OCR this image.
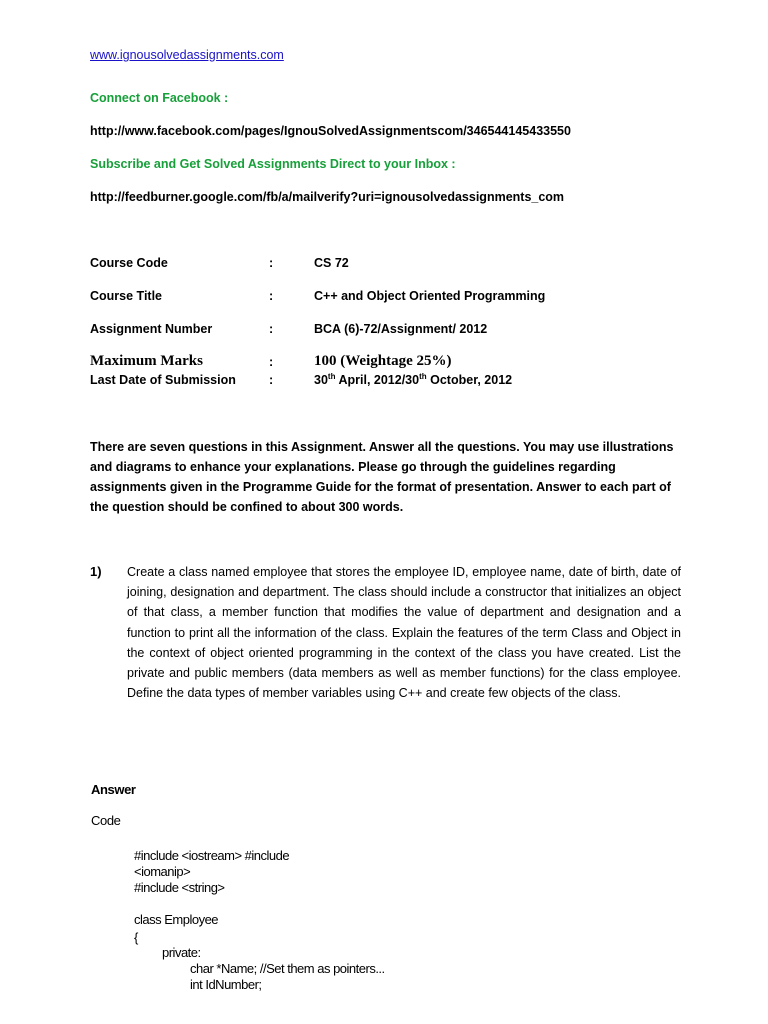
www.ignousolvedassignments.com
Connect on Facebook :
http://www.facebook.com/pages/IgnouSolvedAssignmentscom/346544145433550
Subscribe and Get Solved Assignments Direct to your Inbox :
http://feedburner.google.com/fb/a/mailverify?uri=ignousolvedassignments_com
Course Code	:	CS 72
Course Title	:	C++ and Object Oriented Programming
Assignment Number	:	BCA (6)-72/Assignment/ 2012
Maximum Marks	:	100 (Weightage 25%)
Last Date of Submission	:	30th April, 2012/30th October, 2012
There are seven questions in this Assignment. Answer all the questions. You may use illustrations and diagrams to enhance your explanations. Please go through the guidelines regarding assignments given in the Programme Guide for the format of presentation. Answer to each part of the question should be confined to about 300 words.
1) Create a class named employee that stores the employee ID, employee name, date of birth, date of joining, designation and department. The class should include a constructor that initializes an object of that class, a member function that modifies the value of department and designation and a function to print all the information of the class. Explain the features of the term Class and Object in the context of object oriented programming in the context of the class you have created. List the private and public members (data members as well as member functions) for the class employee. Define the data types of member variables using C++ and create few objects of the class.
Answer
Code
#include <iostream> #include
<iomanip>
#include <string>
class Employee
{
private:
char *Name; //Set them as pointers...
int IdNumber;
